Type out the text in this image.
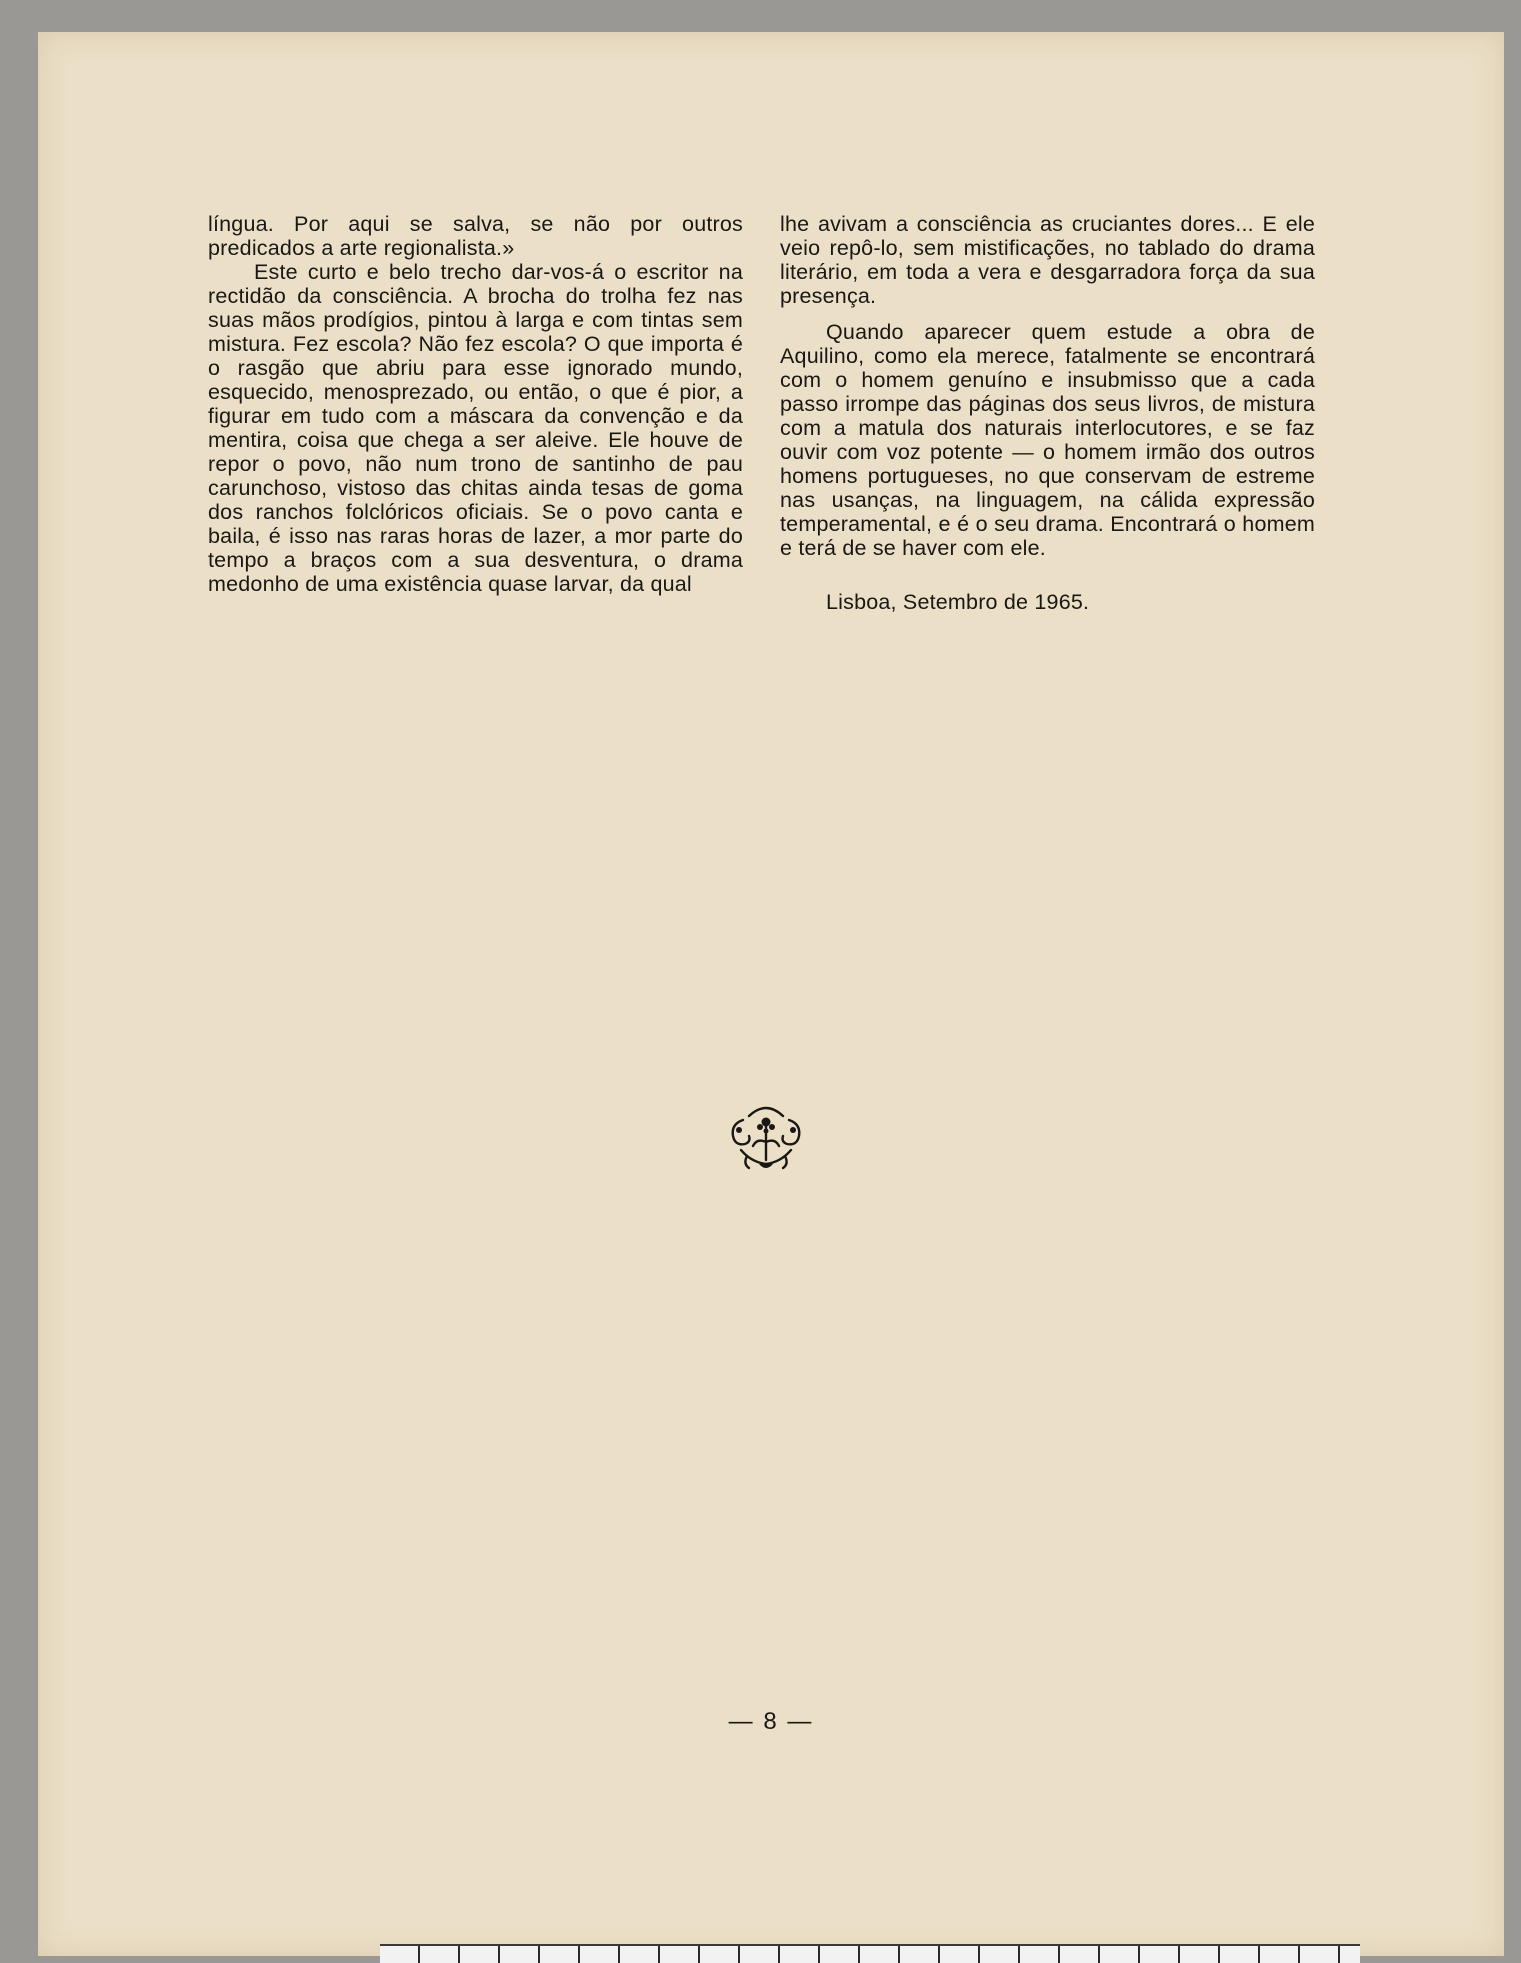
língua. Por aqui se salva, se não por outros predicados a arte regionalista.»

Este curto e belo trecho dar-vos-á o escritor na rectidão da consciência. A brocha do trolha fez nas suas mãos prodígios, pintou à larga e com tintas sem mistura. Fez escola? Não fez escola? O que importa é o rasgão que abriu para esse ignorado mundo, esquecido, menosprezado, ou então, o que é pior, a figurar em tudo com a máscara da convenção e da mentira, coisa que chega a ser aleive. Ele houve de repor o povo, não num trono de santinho de pau carunchoso, vistoso das chitas ainda tesas de goma dos ranchos folclóricos oficiais. Se o povo canta e baila, é isso nas raras horas de lazer, a mor parte do tempo a braços com a sua desventura, o drama medonho de uma existência quase larvar, da qual

lhe avivam a consciência as cruciantes dores... E ele veio repô-lo, sem mistificações, no tablado do drama literário, em toda a vera e desgarradora força da sua presença.

Quando aparecer quem estude a obra de Aquilino, como ela merece, fatalmente se encontrará com o homem genuíno e insubmisso que a cada passo irrompe das páginas dos seus livros, de mistura com a matula dos naturais interlocutores, e se faz ouvir com voz potente — o homem irmão dos outros homens portugueses, no que conservam de estreme nas usanças, na linguagem, na cálida expressão temperamental, e é o seu drama. Encontrará o homem e terá de se haver com ele.

Lisboa, Setembro de 1965.

— 8 —
